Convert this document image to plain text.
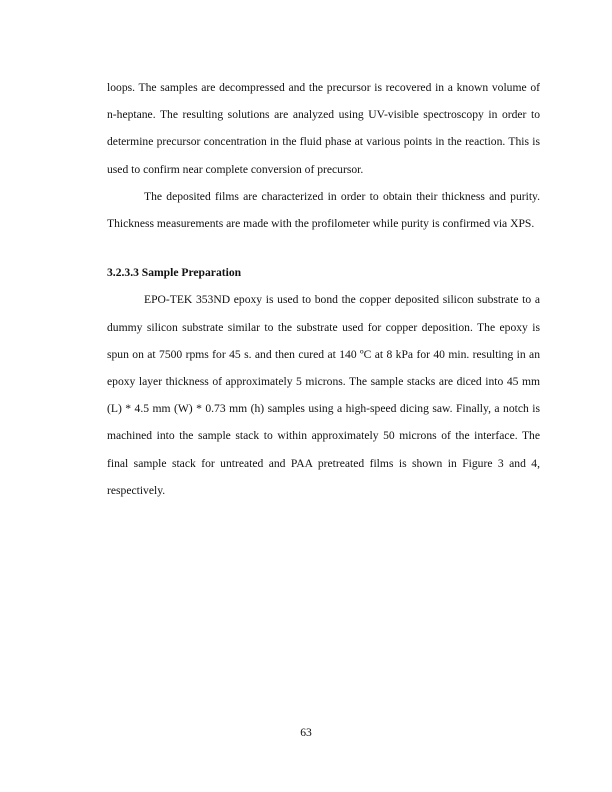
loops. The samples are decompressed and the precursor is recovered in a known volume of n-heptane. The resulting solutions are analyzed using UV-visible spectroscopy in order to determine precursor concentration in the fluid phase at various points in the reaction. This is used to confirm near complete conversion of precursor.

The deposited films are characterized in order to obtain their thickness and purity. Thickness measurements are made with the profilometer while purity is confirmed via XPS.

3.2.3.3 Sample Preparation

EPO-TEK 353ND epoxy is used to bond the copper deposited silicon substrate to a dummy silicon substrate similar to the substrate used for copper deposition. The epoxy is spun on at 7500 rpms for 45 s. and then cured at 140 ºC at 8 kPa for 40 min. resulting in an epoxy layer thickness of approximately 5 microns. The sample stacks are diced into 45 mm (L) * 4.5 mm (W) * 0.73 mm (h) samples using a high-speed dicing saw. Finally, a notch is machined into the sample stack to within approximately 50 microns of the interface. The final sample stack for untreated and PAA pretreated films is shown in Figure 3 and 4, respectively.

63
